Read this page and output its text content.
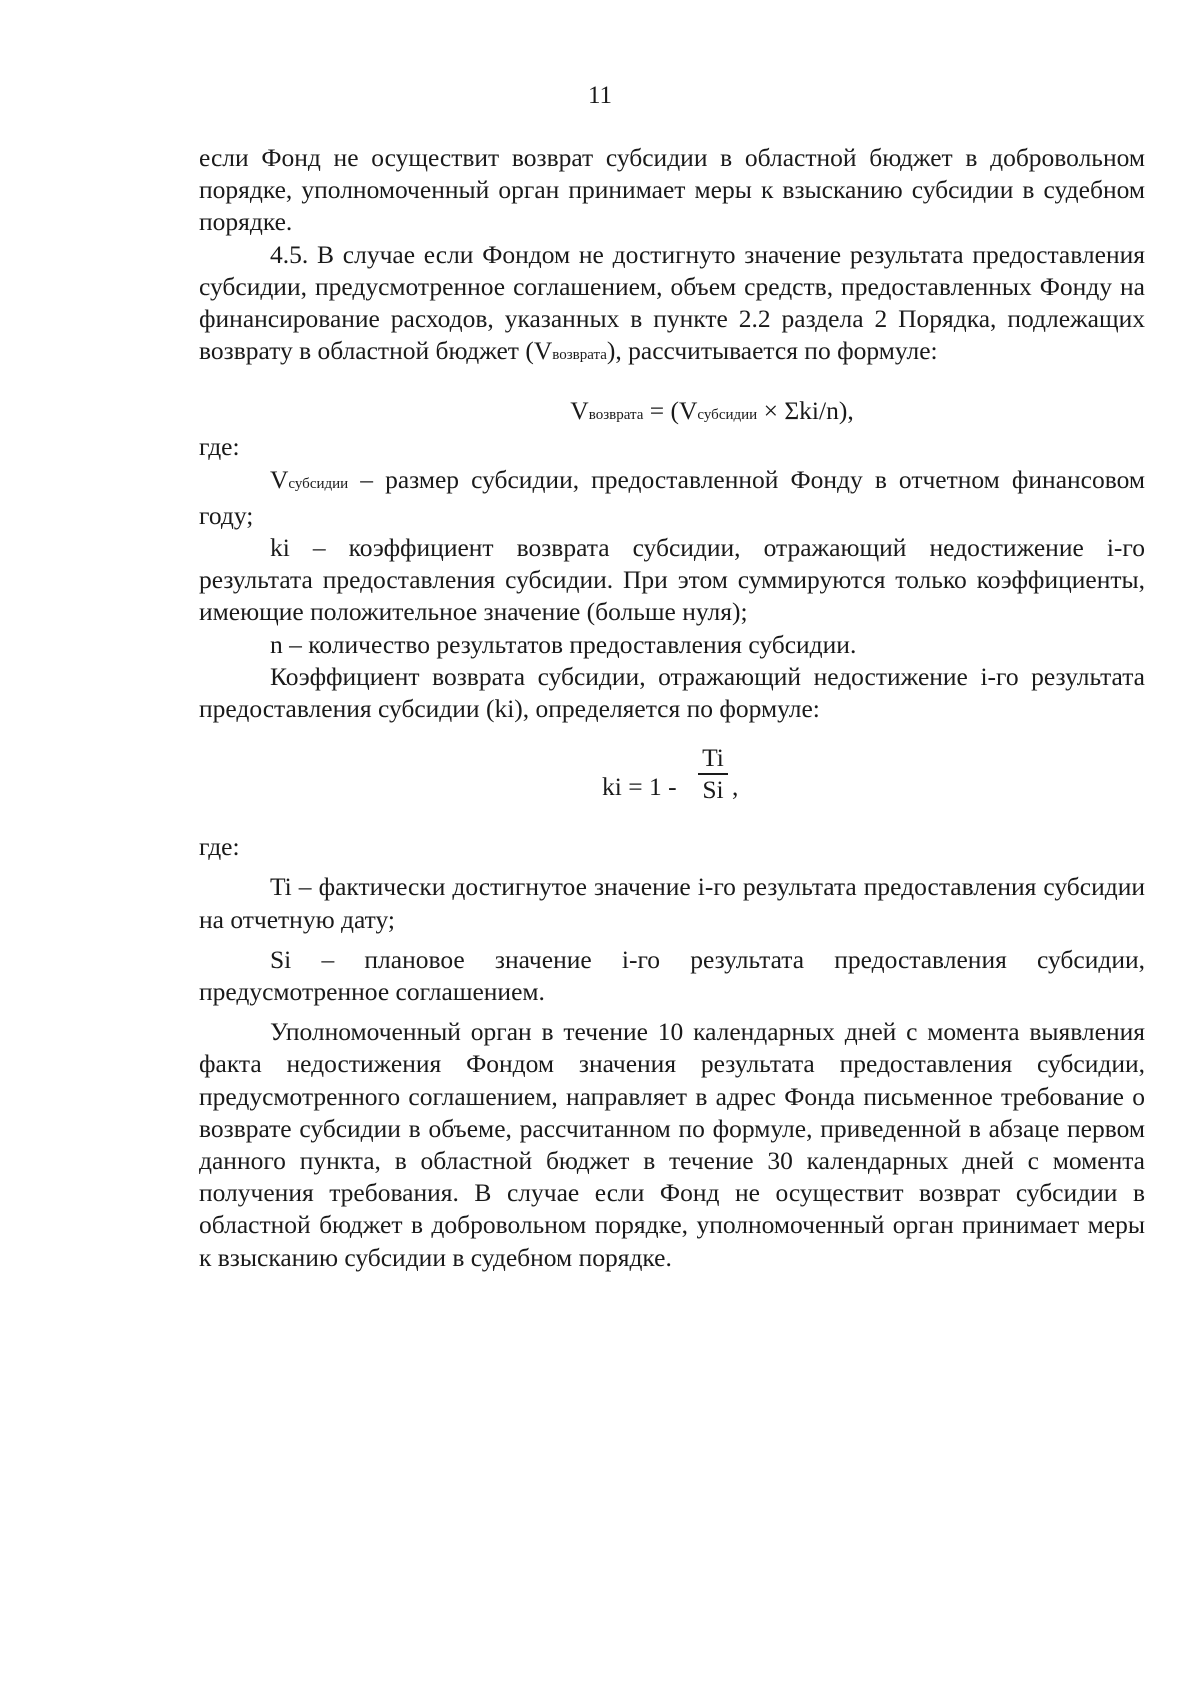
11

если Фонд не осуществит возврат субсидии в областной бюджет в добровольном порядке, уполномоченный орган принимает меры к взысканию субсидии в судебном порядке.

4.5. В случае если Фондом не достигнуто значение результата предоставления субсидии, предусмотренное соглашением, объем средств, предоставленных Фонду на финансирование расходов, указанных в пункте 2.2 раздела 2 Порядка, подлежащих возврату в областной бюджет (Vвозврата), рассчитывается по формуле:

Vвозврата = (Vсубсидии × Σki/n),

где:

Vсубсидии – размер субсидии, предоставленной Фонду в отчетном финансовом году;

ki – коэффициент возврата субсидии, отражающий недостижение i-го результата предоставления субсидии. При этом суммируются только коэффициенты, имеющие положительное значение (больше нуля);

n – количество результатов предоставления субсидии.

Коэффициент возврата субсидии, отражающий недостижение i-го результата предоставления субсидии (ki), определяется по формуле:

ki = 1 -
Ti
Si ,

где:

Ti – фактически достигнутое значение i-го результата предоставления субсидии на отчетную дату;

Si – плановое значение i-го результата предоставления субсидии, предусмотренное соглашением.

Уполномоченный орган в течение 10 календарных дней с момента выявления факта недостижения Фондом значения результата предоставления субсидии, предусмотренного соглашением, направляет в адрес Фонда письменное требование о возврате субсидии в объеме, рассчитанном по формуле, приведенной в абзаце первом данного пункта, в областной бюджет в течение 30 календарных дней с момента получения требования. В случае если Фонд не осуществит возврат субсидии в областной бюджет в добровольном порядке, уполномоченный орган принимает меры к взысканию субсидии в судебном порядке.
